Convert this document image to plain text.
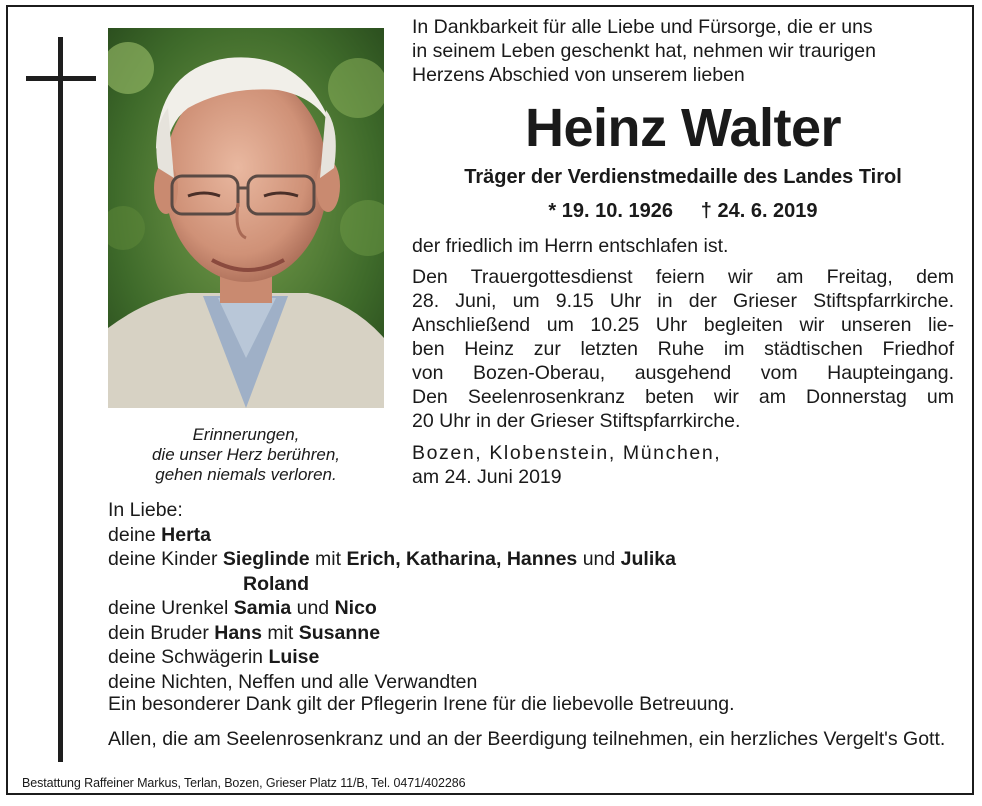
Erinnerungen,
die unser Herz berühren,
gehen niemals verloren.
In Dankbarkeit für alle Liebe und Fürsorge, die er uns
in seinem Leben geschenkt hat, nehmen wir traurigen
Herzens Abschied von unserem lieben
Heinz Walter
Träger der Verdienstmedaille des Landes Tirol
* 19. 10. 1926 † 24. 6. 2019
der friedlich im Herrn entschlafen ist.
Den Trauergottesdienst feiern wir am Freitag, dem
28. Juni, um 9.15 Uhr in der Grieser Stiftspfarrkirche.
Anschließend um 10.25 Uhr begleiten wir unseren lie-
ben Heinz zur letzten Ruhe im städtischen Friedhof
von Bozen-Oberau, ausgehend vom Haupteingang.
Den Seelenrosenkranz beten wir am Donnerstag um
20 Uhr in der Grieser Stiftspfarrkirche.
Bozen, Klobenstein, München,
am 24. Juni 2019
In Liebe:
deine Herta
deine Kinder Sieglinde mit Erich, Katharina, Hannes und Julika
Roland
deine Urenkel Samia und Nico
dein Bruder Hans mit Susanne
deine Schwägerin Luise
deine Nichten, Neffen und alle Verwandten
Ein besonderer Dank gilt der Pflegerin Irene für die liebevolle Betreuung.
Allen, die am Seelenrosenkranz und an der Beerdigung teilnehmen, ein herzliches Vergelt's Gott.
Bestattung Raffeiner Markus, Terlan, Bozen, Grieser Platz 11/B, Tel. 0471/402286
